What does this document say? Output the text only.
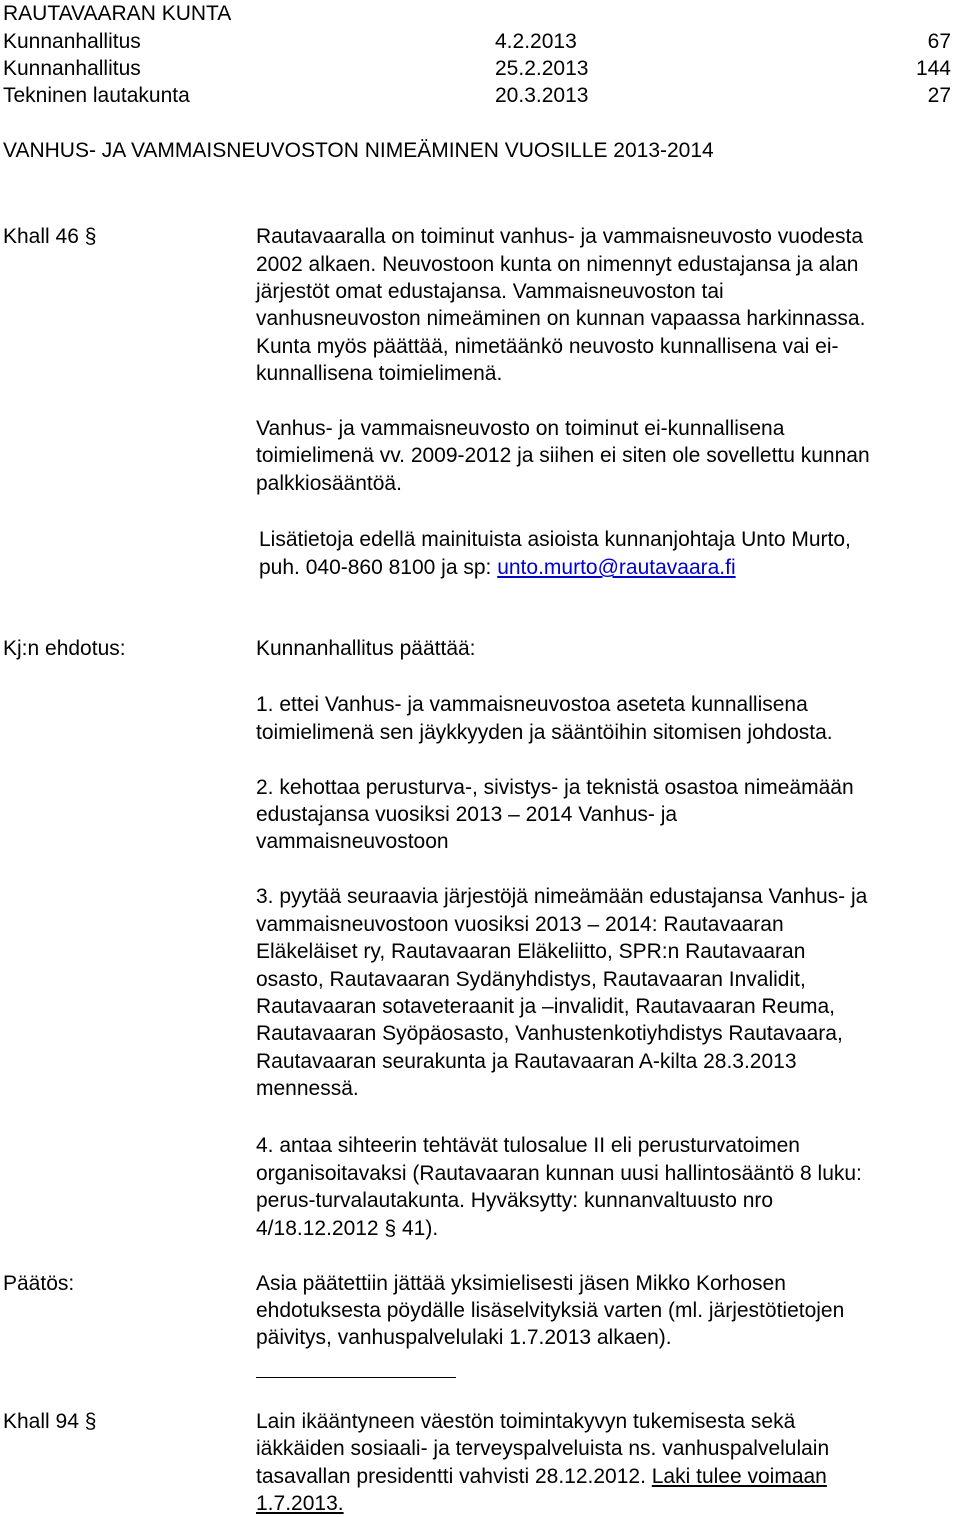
RAUTAVAARAN KUNTA
Kunnanhallitus	4.2.2013	67
Kunnanhallitus	25.2.2013	144
Tekninen lautakunta	20.3.2013	27
VANHUS- JA VAMMAISNEUVOSTON NIMEÄMINEN VUOSILLE 2013-2014
Khall 46 §	Rautavaaralla on toiminut vanhus- ja vammaisneuvosto vuodesta
2002 alkaen. Neuvostoon kunta on nimennyt edustajansa ja alan
järjestöt omat edustajansa. Vammaisneuvoston tai
vanhusneuvoston nimeäminen on kunnan vapaassa harkinnassa.
Kunta myös päättää, nimetäänkö neuvosto kunnallisena vai ei-
kunnallisena toimielimenä.
Vanhus- ja vammaisneuvosto on toiminut ei-kunnallisena
toimielimenä vv. 2009-2012 ja siihen ei siten ole sovellettu kunnan
palkkiosääntöä.
Lisätietoja edellä mainituista asioista kunnanjohtaja Unto Murto,
puh. 040-860 8100 ja sp: unto.murto@rautavaara.fi
Kj:n ehdotus:	Kunnanhallitus päättää:
1. ettei Vanhus- ja vammaisneuvostoa aseteta kunnallisena
toimielimenä sen jäykkyyden ja sääntöihin sitomisen johdosta.
2. kehottaa perusturva-, sivistys- ja teknistä osastoa nimeämään
edustajansa vuosiksi 2013 – 2014 Vanhus- ja
vammaisneuvostoon
3. pyytää seuraavia järjestöjä nimeämään edustajansa Vanhus- ja
vammaisneuvostoon vuosiksi 2013 – 2014: Rautavaaran
Eläkeläiset ry, Rautavaaran Eläkeliitto, SPR:n Rautavaaran
osasto, Rautavaaran Sydänyhdistys, Rautavaaran Invalidit,
Rautavaaran sotaveteraanit ja –invalidit, Rautavaaran Reuma,
Rautavaaran Syöpäosasto, Vanhustenkotiyhdistys Rautavaara,
Rautavaaran seurakunta ja Rautavaaran A-kilta 28.3.2013
mennessä.
4. antaa sihteerin tehtävät tulosalue II eli perusturvatoimen
organisoitavaksi (Rautavaaran kunnan uusi hallintosääntö 8 luku:
perus-turvalautakunta. Hyväksytty: kunnanvaltuusto nro
4/18.12.2012 § 41).
Päätös:	Asia päätettiin jättää yksimielisesti jäsen Mikko Korhosen
ehdotuksesta pöydälle lisäselvityksiä varten (ml. järjestötietojen
päivitys, vanhuspalvelulaki 1.7.2013 alkaen).
Khall 94 §	Lain ikääntyneen väestön toimintakyvyn tukemisesta sekä
iäkkäiden sosiaali- ja terveyspalveluista ns. vanhuspalvelulain
tasavallan presidentti vahvisti 28.12.2012. Laki tulee voimaan
1.7.2013.
